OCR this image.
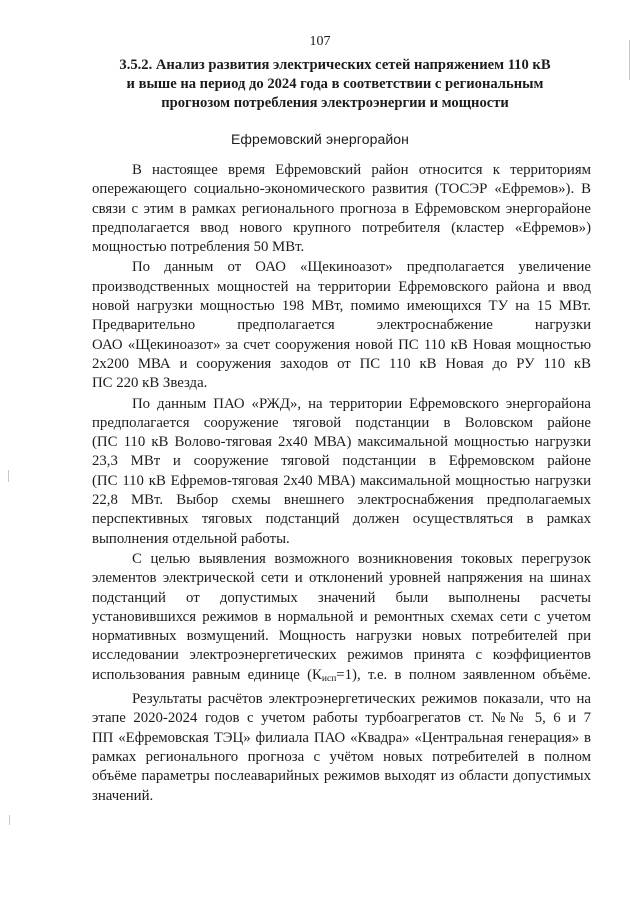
107
3.5.2. Анализ развития электрических сетей напряжением 110 кВ
и выше на период до 2024 года в соответствии с региональным
прогнозом потребления электроэнергии и мощности
Ефремовский энергорайон
В настоящее время Ефремовский район относится к территориям
опережающего социально-экономического развития (ТОСЭР «Ефремов»). В
связи с этим в рамках регионального прогноза в Ефремовском энергорайоне
предполагается ввод нового крупного потребителя (кластер «Ефремов»)
мощностью потребления 50 МВт.
По данным от ОАО «Щекиноазот» предполагается увеличение
производственных мощностей на территории Ефремовского района и ввод
новой нагрузки мощностью 198 МВт, помимо имеющихся ТУ на 15 МВт.
Предварительно предполагается электроснабжение нагрузки
ОАО «Щекиноазот» за счет сооружения новой ПС 110 кВ Новая мощностью
2x200 МВА и сооружения заходов от ПС 110 кВ Новая до РУ 110 кВ
ПС 220 кВ Звезда.
По данным ПАО «РЖД», на территории Ефремовского энергорайона
предполагается сооружение тяговой подстанции в Воловском районе
(ПС 110 кВ Волово-тяговая 2х40 МВА) максимальной мощностью нагрузки
23,3 МВт и сооружение тяговой подстанции в Ефремовском районе
(ПС 110 кВ Ефремов-тяговая 2х40 МВА) максимальной мощностью нагрузки
22,8 МВт. Выбор схемы внешнего электроснабжения предполагаемых
перспективных тяговых подстанций должен осуществляться в рамках
выполнения отдельной работы.
С целью выявления возможного возникновения токовых перегрузок
элементов электрической сети и отклонений уровней напряжения на шинах
подстанций от допустимых значений были выполнены расчеты
установившихся режимов в нормальной и ремонтных схемах сети с учетом
нормативных возмущений. Мощность нагрузки новых потребителей при
исследовании электроэнергетических режимов принята с коэффициентов
использования равным единице $(К_{исп}=1)$, т.е. в полном заявленном объёме.
Результаты расчётов электроэнергетических режимов показали, что на
этапе 2020-2024 годов с учетом работы турбоагрегатов ст. №№ 5, 6 и 7
ПП «Ефремовская ТЭЦ» филиала ПАО «Квадра» «Центральная генерация» в
рамках регионального прогноза с учётом новых потребителей в полном
объёме параметры послеаварийных режимов выходят из области допустимых
значений.
